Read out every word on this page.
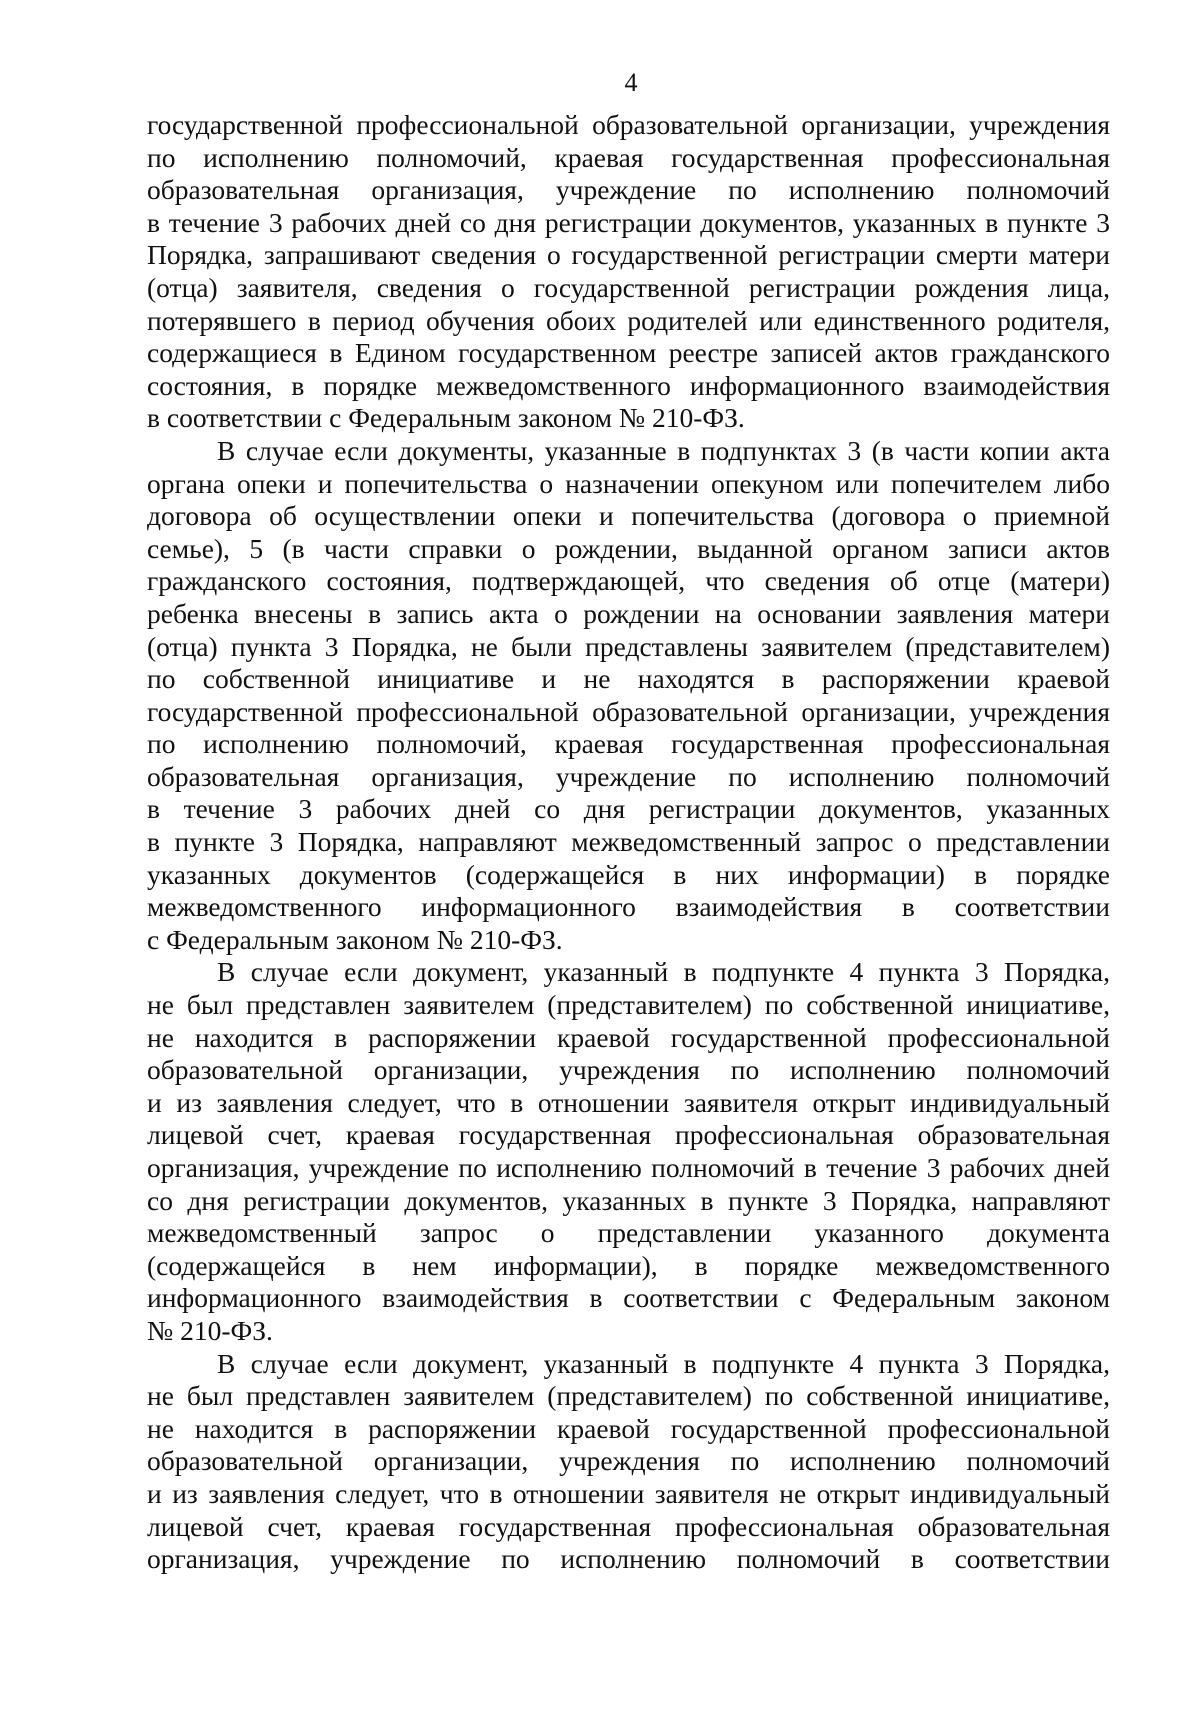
4
государственной профессиональной образовательной организации, учреждения
по исполнению полномочий, краевая государственная профессиональная
образовательная организация, учреждение по исполнению полномочий
в течение 3 рабочих дней со дня регистрации документов, указанных в пункте 3
Порядка, запрашивают сведения о государственной регистрации смерти матери
(отца) заявителя, сведения о государственной регистрации рождения лица,
потерявшего в период обучения обоих родителей или единственного родителя,
содержащиеся в Едином государственном реестре записей актов гражданского
состояния, в порядке межведомственного информационного взаимодействия
в соответствии с Федеральным законом № 210-ФЗ.
В случае если документы, указанные в подпунктах 3 (в части копии акта
органа опеки и попечительства о назначении опекуном или попечителем либо
договора об осуществлении опеки и попечительства (договора о приемной
семье), 5 (в части справки о рождении, выданной органом записи актов
гражданского состояния, подтверждающей, что сведения об отце (матери)
ребенка внесены в запись акта о рождении на основании заявления матери
(отца) пункта 3 Порядка, не были представлены заявителем (представителем)
по собственной инициативе и не находятся в распоряжении краевой
государственной профессиональной образовательной организации, учреждения
по исполнению полномочий, краевая государственная профессиональная
образовательная организация, учреждение по исполнению полномочий
в течение 3 рабочих дней со дня регистрации документов, указанных
в пункте 3 Порядка, направляют межведомственный запрос о представлении
указанных документов (содержащейся в них информации) в порядке
межведомственного информационного взаимодействия в соответствии
с Федеральным законом № 210-ФЗ.
В случае если документ, указанный в подпункте 4 пункта 3 Порядка,
не был представлен заявителем (представителем) по собственной инициативе,
не находится в распоряжении краевой государственной профессиональной
образовательной организации, учреждения по исполнению полномочий
и из заявления следует, что в отношении заявителя открыт индивидуальный
лицевой счет, краевая государственная профессиональная образовательная
организация, учреждение по исполнению полномочий в течение 3 рабочих дней
со дня регистрации документов, указанных в пункте 3 Порядка, направляют
межведомственный запрос о представлении указанного документа
(содержащейся в нем информации), в порядке межведомственного
информационного взаимодействия в соответствии с Федеральным законом
№ 210-ФЗ.
В случае если документ, указанный в подпункте 4 пункта 3 Порядка,
не был представлен заявителем (представителем) по собственной инициативе,
не находится в распоряжении краевой государственной профессиональной
образовательной организации, учреждения по исполнению полномочий
и из заявления следует, что в отношении заявителя не открыт индивидуальный
лицевой счет, краевая государственная профессиональная образовательная
организация, учреждение по исполнению полномочий в соответствии
